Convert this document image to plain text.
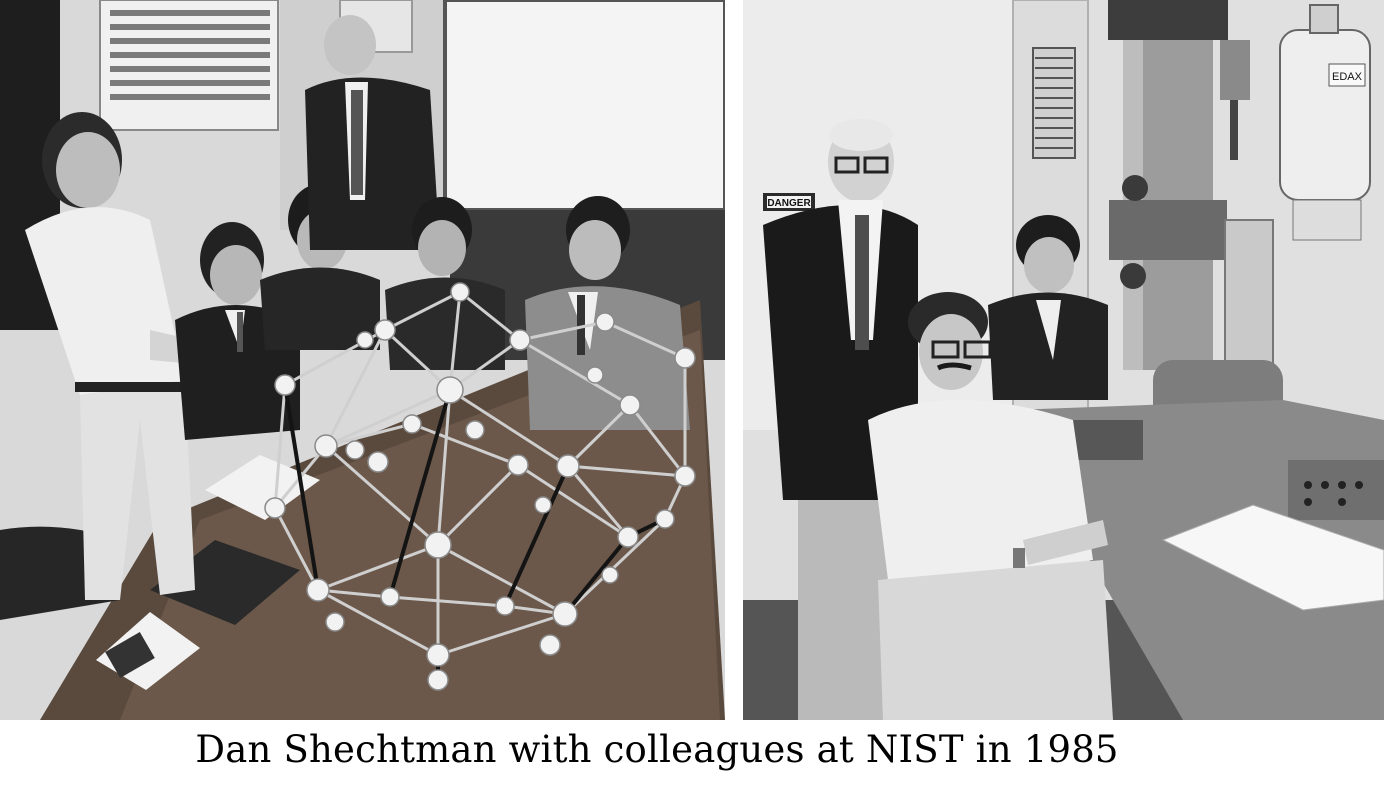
DANGER
EDAX
Dan Shechtman with colleagues at NIST in 1985
